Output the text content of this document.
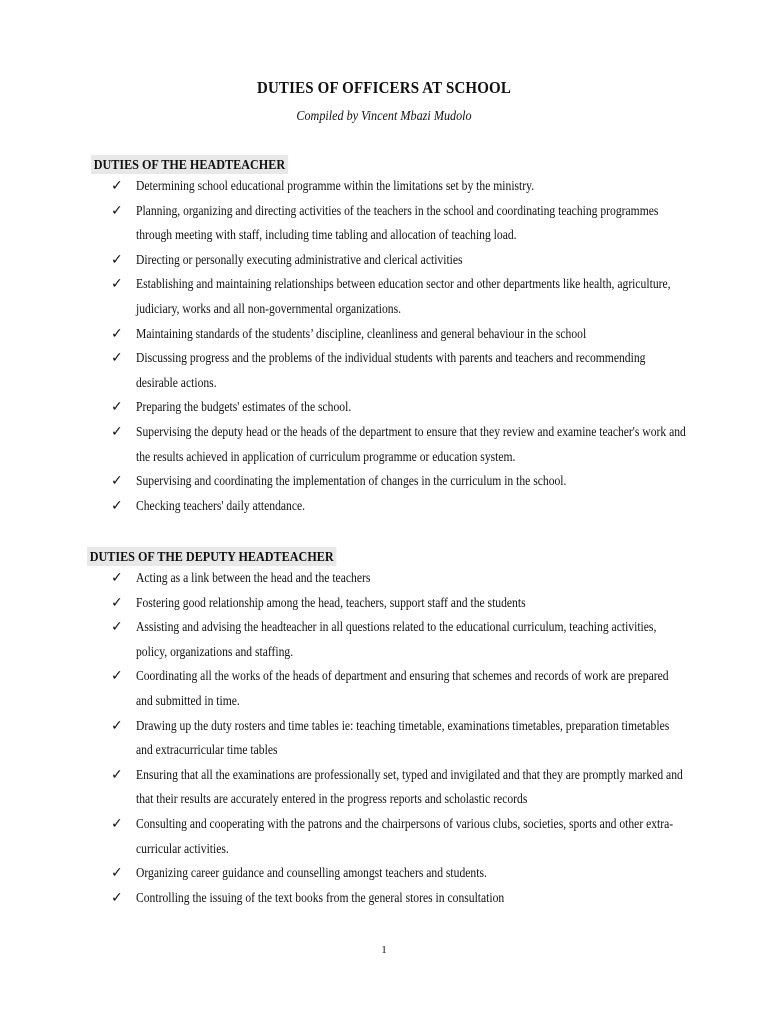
DUTIES OF OFFICERS AT SCHOOL
Compiled by Vincent Mbazi Mudolo
DUTIES OF THE HEADTEACHER
✓ Determining school educational programme within the limitations set by the ministry.
✓ Planning, organizing and directing activities of the teachers in the school and coordinating teaching programmes through meeting with staff, including time tabling and allocation of teaching load.
✓ Directing or personally executing administrative and clerical activities
✓ Establishing and maintaining relationships between education sector and other departments like health, agriculture, judiciary, works and all non-governmental organizations.
✓ Maintaining standards of the students’ discipline, cleanliness and general behaviour in the school
✓ Discussing progress and the problems of the individual students with parents and teachers and recommending desirable actions.
✓ Preparing the budgets' estimates of the school.
✓ Supervising the deputy head or the heads of the department to ensure that they review and examine teacher's work and the results achieved in application of curriculum programme or education system.
✓ Supervising and coordinating the implementation of changes in the curriculum in the school.
✓ Checking teachers' daily attendance.
DUTIES OF THE DEPUTY HEADTEACHER
✓ Acting as a link between the head and the teachers
✓ Fostering good relationship among the head, teachers, support staff and the students
✓ Assisting and advising the headteacher in all questions related to the educational curriculum, teaching activities, policy, organizations and staffing.
✓ Coordinating all the works of the heads of department and ensuring that schemes and records of work are prepared and submitted in time.
✓ Drawing up the duty rosters and time tables ie: teaching timetable, examinations timetables, preparation timetables and extracurricular time tables
✓ Ensuring that all the examinations are professionally set, typed and invigilated and that they are promptly marked and that their results are accurately entered in the progress reports and scholastic records
✓ Consulting and cooperating with the patrons and the chairpersons of various clubs, societies, sports and other extra-curricular activities.
✓ Organizing career guidance and counselling amongst teachers and students.
✓ Controlling the issuing of the text books from the general stores in consultation
1
